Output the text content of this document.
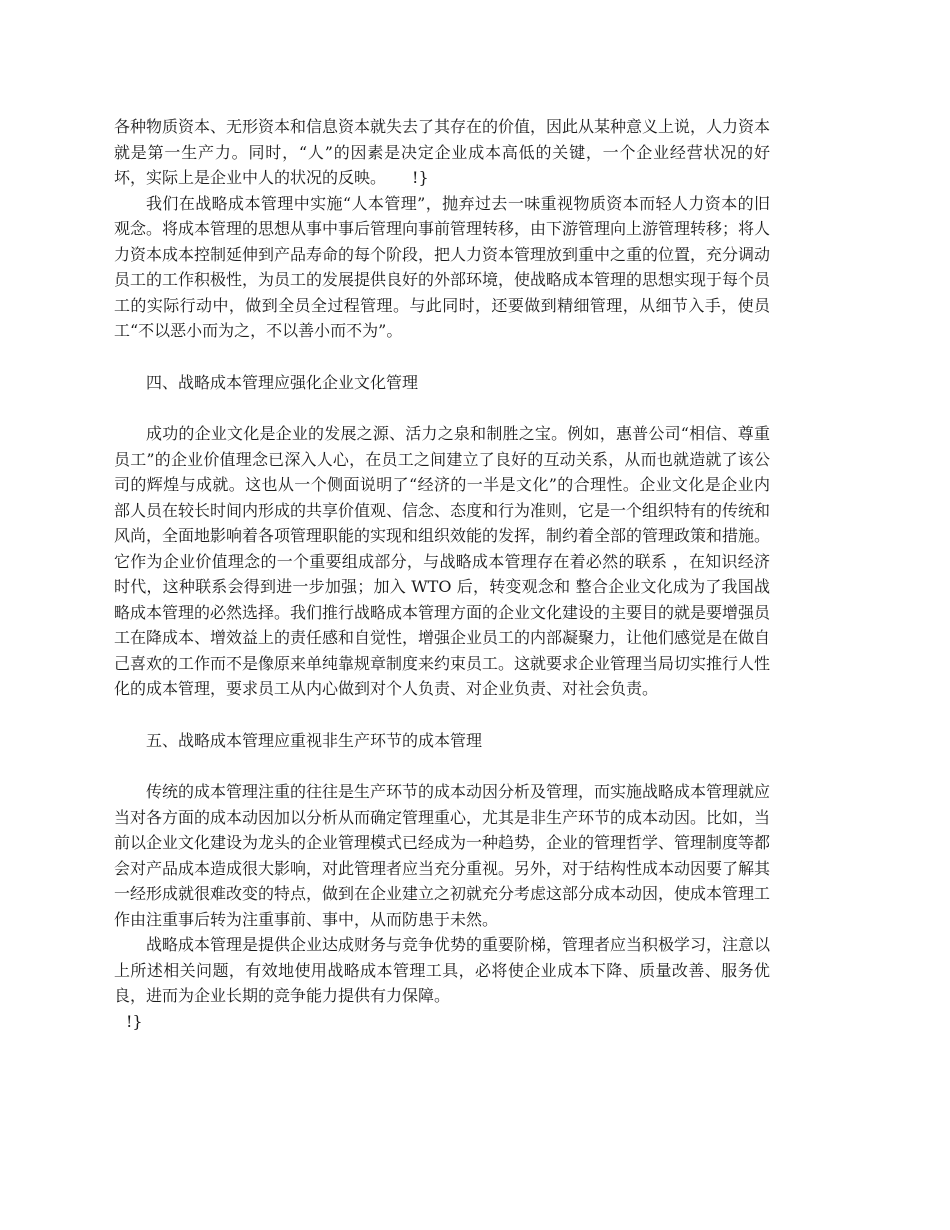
各种物质资本、无形资本和信息资本就失去了其存在的价值，因此从某种意义上说，人力资本就是第一生产力。同时，“人”的因素是决定企业成本高低的关键，一个企业经营状况的好坏，实际上是企业中人的状况的反映。 !}

我们在战略成本管理中实施“人本管理”，抛弃过去一味重视物质资本而轻人力资本的旧观念。将成本管理的思想从事中事后管理向事前管理转移，由下游管理向上游管理转移；将人力资本成本控制延伸到产品寿命的每个阶段，把人力资本管理放到重中之重的位置，充分调动员工的工作积极性，为员工的发展提供良好的外部环境，使战略成本管理的思想实现于每个员工的实际行动中，做到全员全过程管理。与此同时，还要做到精细管理，从细节入手，使员工“不以恶小而为之，不以善小而不为”。

四、战略成本管理应强化企业文化管理

成功的企业文化是企业的发展之源、活力之泉和制胜之宝。例如，惠普公司“相信、尊重员工”的企业价值理念已深入人心，在员工之间建立了良好的互动关系，从而也就造就了该公司的辉煌与成就。这也从一个侧面说明了“经济的一半是文化”的合理性。企业文化是企业内部人员在较长时间内形成的共享价值观、信念、态度和行为准则，它是一个组织特有的传统和风尚，全面地影响着各项管理职能的实现和组织效能的发挥，制约着全部的管理政策和措施。它作为企业价值理念的一个重要组成部分，与战略成本管理存在着必然的联系 ，在知识经济时代，这种联系会得到进一步加强；加入 WTO 后，转变观念和 整合企业文化成为了我国战略成本管理的必然选择。我们推行战略成本管理方面的企业文化建设的主要目的就是要增强员工在降成本、增效益上的责任感和自觉性，增强企业员工的内部凝聚力，让他们感觉是在做自己喜欢的工作而不是像原来单纯靠规章制度来约束员工。这就要求企业管理当局切实推行人性化的成本管理，要求员工从内心做到对个人负责、对企业负责、对社会负责。

五、战略成本管理应重视非生产环节的成本管理

传统的成本管理注重的往往是生产环节的成本动因分析及管理，而实施战略成本管理就应当对各方面的成本动因加以分析从而确定管理重心，尤其是非生产环节的成本动因。比如，当前以企业文化建设为龙头的企业管理模式已经成为一种趋势，企业的管理哲学、管理制度等都会对产品成本造成很大影响，对此管理者应当充分重视。另外，对于结构性成本动因要了解其一经形成就很难改变的特点，做到在企业建立之初就充分考虑这部分成本动因，使成本管理工作由注重事后转为注重事前、事中，从而防患于未然。

战略成本管理是提供企业达成财务与竞争优势的重要阶梯，管理者应当积极学习，注意以上所述相关问题，有效地使用战略成本管理工具，必将使企业成本下降、质量改善、服务优良，进而为企业长期的竞争能力提供有力保障。

!}
